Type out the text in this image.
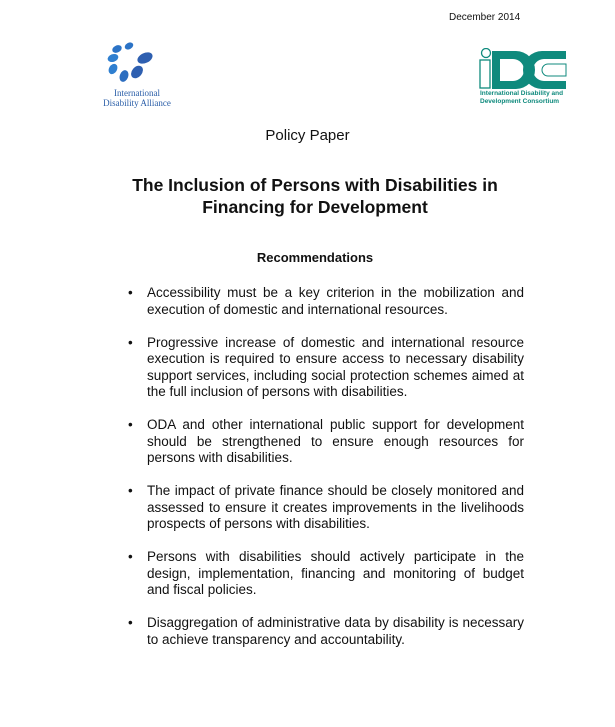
December 2014
International
Disability Alliance
International Disability and
Development Consortium
Policy Paper
The Inclusion of Persons with Disabilities in Financing for Development
Recommendations
• Accessibility must be a key criterion in the mobilization and execution of domestic and international resources.
• Progressive increase of domestic and international resource execution is required to ensure access to necessary disability support services, including social protection schemes aimed at the full inclusion of persons with disabilities.
• ODA and other international public support for development should be strengthened to ensure enough resources for persons with disabilities.
• The impact of private finance should be closely monitored and assessed to ensure it creates improvements in the livelihoods prospects of persons with disabilities.
• Persons with disabilities should actively participate in the design, implementation, financing and monitoring of budget and fiscal policies.
• Disaggregation of administrative data by disability is necessary to achieve transparency and accountability.
